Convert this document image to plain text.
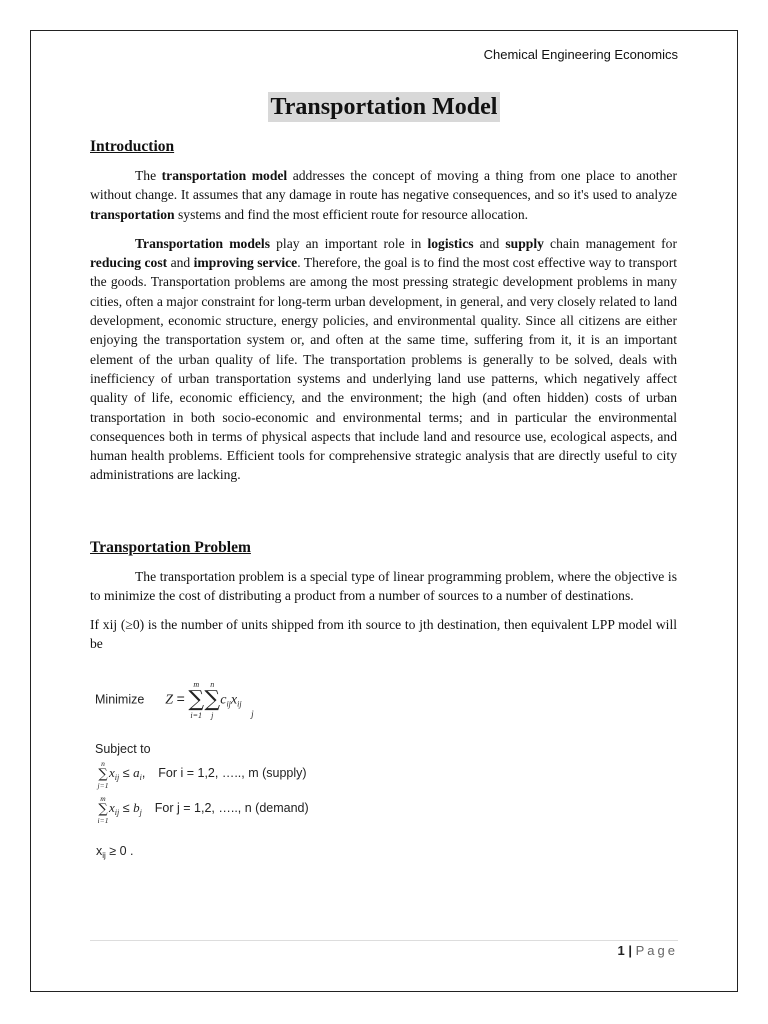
Chemical Engineering Economics
Transportation Model
Introduction

The transportation model addresses the concept of moving a thing from one place to another without change. It assumes that any damage in route has negative consequences, and so it's used to analyze transportation systems and find the most efficient route for resource allocation.

Transportation models play an important role in logistics and supply chain management for reducing cost and improving service. Therefore, the goal is to find the most cost effective way to transport the goods. Transportation problems are among the most pressing strategic development problems in many cities, often a major constraint for long-term urban development, in general, and very closely related to land development, economic structure, energy policies, and environmental quality. Since all citizens are either enjoying the transportation system or, and often at the same time, suffering from it, it is an important element of the urban quality of life. The transportation problems is generally to be solved, deals with inefficiency of urban transportation systems and underlying land use patterns, which negatively affect quality of life, economic efficiency, and the environment; the high (and often hidden) costs of urban transportation in both socio-economic and environmental terms; and in particular the environmental consequences both in terms of physical aspects that include land and resource use, ecological aspects, and human health problems. Efficient tools for comprehensive strategic analysis that are directly useful to city administrations are lacking.

Transportation Problem

The transportation problem is a special type of linear programming problem, where the objective is to minimize the cost of distributing a product from a number of sources to a number of destinations.

If xij (≥0) is the number of units shipped from ith source to jth destination, then equivalent LPP model will be

Minimize Z =
m
∑
i=1
n
∑
j
$c_{ij}x_{ij}$ $_j$
Subject to
n
∑
j=1
$x_{ij} \le a_i$, For i = 1,2, ….., m (supply)
m
∑
i=1
$x_{ij} \le b_j$ For j = 1,2, ….., n (demand)
$x_{ij} \ge 0$ .
1 | Page
